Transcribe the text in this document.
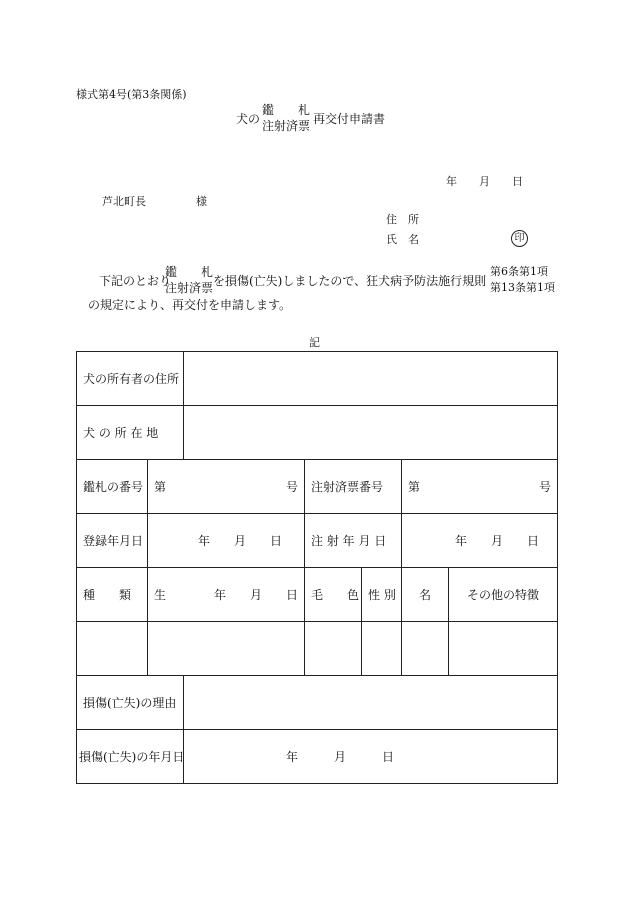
様式第4号(第3条関係)
犬の
鑑　　札
注射済票 再交付申請書
年　　月　　日
芦北町長	様
住　所
氏　名	印
下記のとおり
鑑　　札
注射済票 を損傷(亡失)しましたので、狂犬病予防法施行規則
第6条第1項
第13条第1項
の規定により、再交付を申請します。
記
犬の所有者の住所						
犬 の 所 在 地						
鑑札の番号	第 号		注射済票番号		第 号	

登録年月日	年　　月　　日		注 射 年 月 日		年　　月　　日	

種　　類	生 年　　月　　日		毛　　色	性 別	名	その他の特徴

損傷(亡失)の理由						
損傷(亡失)の年月日		年　　　月　　　日				
